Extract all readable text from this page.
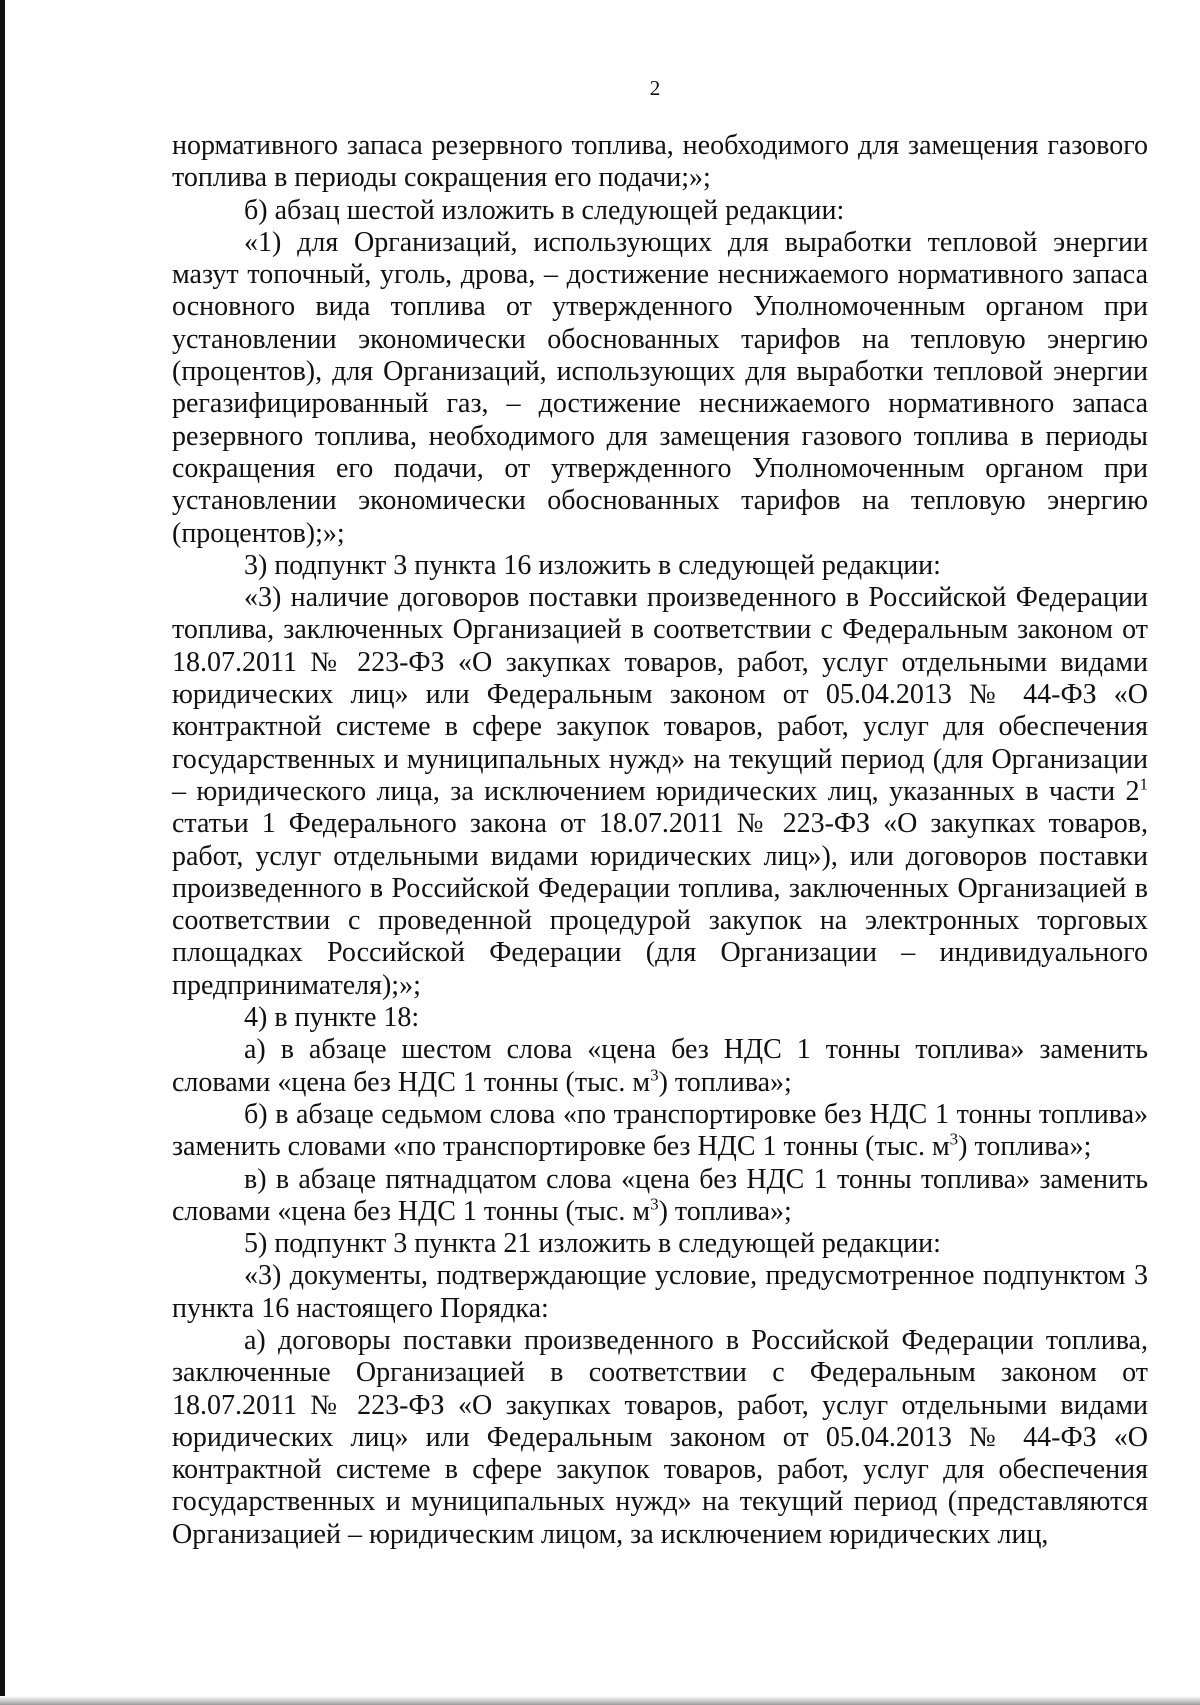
2

нормативного запаса резервного топлива, необходимого для замещения газового топлива в периоды сокращения его подачи;»;

б) абзац шестой изложить в следующей редакции:

«1) для Организаций, использующих для выработки тепловой энергии мазут топочный, уголь, дрова, – достижение неснижаемого нормативного запаса основного вида топлива от утвержденного Уполномоченным органом при установлении экономически обоснованных тарифов на тепловую энергию (процентов), для Организаций, использующих для выработки тепловой энергии регазифицированный газ, – достижение неснижаемого нормативного запаса резервного топлива, необходимого для замещения газового топлива в периоды сокращения его подачи, от утвержденного Уполномоченным органом при установлении экономически обоснованных тарифов на тепловую энергию (процентов);»;

3) подпункт 3 пункта 16 изложить в следующей редакции:

«3) наличие договоров поставки произведенного в Российской Федерации топлива, заключенных Организацией в соответствии с Федеральным законом от 18.07.2011 № 223-ФЗ «О закупках товаров, работ, услуг отдельными видами юридических лиц» или Федеральным законом от 05.04.2013 № 44-ФЗ «О контрактной системе в сфере закупок товаров, работ, услуг для обеспечения государственных и муниципальных нужд» на текущий период (для Организации – юридического лица, за исключением юридических лиц, указанных в части $2^1$ статьи 1 Федерального закона от 18.07.2011 № 223-ФЗ «О закупках товаров, работ, услуг отдельными видами юридических лиц»), или договоров поставки произведенного в Российской Федерации топлива, заключенных Организацией в соответствии с проведенной процедурой закупок на электронных торговых площадках Российской Федерации (для Организации – индивидуального предпринимателя);»;

4) в пункте 18:

а) в абзаце шестом слова «цена без НДС 1 тонны топлива» заменить словами «цена без НДС 1 тонны (тыс. $м^3$) топлива»;

б) в абзаце седьмом слова «по транспортировке без НДС 1 тонны топлива» заменить словами «по транспортировке без НДС 1 тонны (тыс. $м^3$) топлива»;

в) в абзаце пятнадцатом слова «цена без НДС 1 тонны топлива» заменить словами «цена без НДС 1 тонны (тыс. $м^3$) топлива»;

5) подпункт 3 пункта 21 изложить в следующей редакции:

«3) документы, подтверждающие условие, предусмотренное подпунктом 3 пункта 16 настоящего Порядка:

а) договоры поставки произведенного в Российской Федерации топлива, заключенные Организацией в соответствии с Федеральным законом от 18.07.2011 № 223-ФЗ «О закупках товаров, работ, услуг отдельными видами юридических лиц» или Федеральным законом от 05.04.2013 № 44-ФЗ «О контрактной системе в сфере закупок товаров, работ, услуг для обеспечения государственных и муниципальных нужд» на текущий период (представляются Организацией – юридическим лицом, за исключением юридических лиц,
